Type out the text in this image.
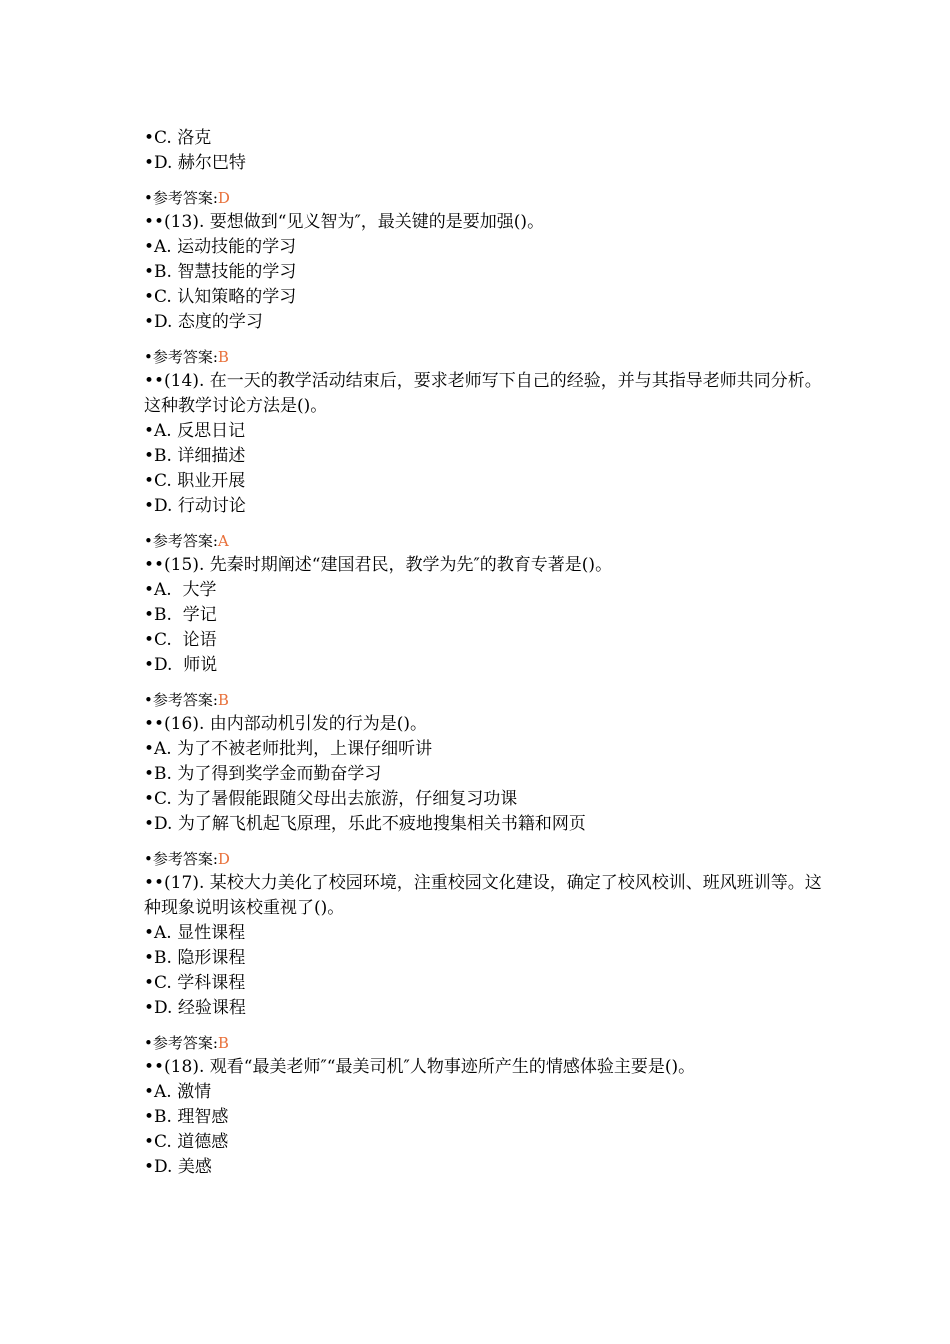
•C. 洛克
•D. 赫尔巴特
•参考答案:D
••(13). 要想做到“见义智为″，最关键的是要加强()。
•A. 运动技能的学习
•B. 智慧技能的学习
•C. 认知策略的学习
•D. 态度的学习
•参考答案:B
••(14). 在一天的教学活动结束后，要求老师写下自己的经验，并与其指导老师共同分析。这种教学讨论方法是()。
•A. 反思日记
•B. 详细描述
•C. 职业开展
•D. 行动讨论
•参考答案:A
••(15). 先秦时期阐述“建国君民，教学为先″的教育专著是()。
•A.  大学
•B.  学记
•C.  论语
•D.  师说
•参考答案:B
••(16). 由内部动机引发的行为是()。
•A. 为了不被老师批判，上课仔细听讲
•B. 为了得到奖学金而勤奋学习
•C. 为了暑假能跟随父母出去旅游，仔细复习功课
•D. 为了解飞机起飞原理，乐此不疲地搜集相关书籍和网页
•参考答案:D
••(17). 某校大力美化了校园环境，注重校园文化建设，确定了校风校训、班风班训等。这种现象说明该校重视了()。
•A. 显性课程
•B. 隐形课程
•C. 学科课程
•D. 经验课程
•参考答案:B
••(18). 观看“最美老师″“最美司机″人物事迹所产生的情感体验主要是()。
•A. 激情
•B. 理智感
•C. 道德感
•D. 美感
